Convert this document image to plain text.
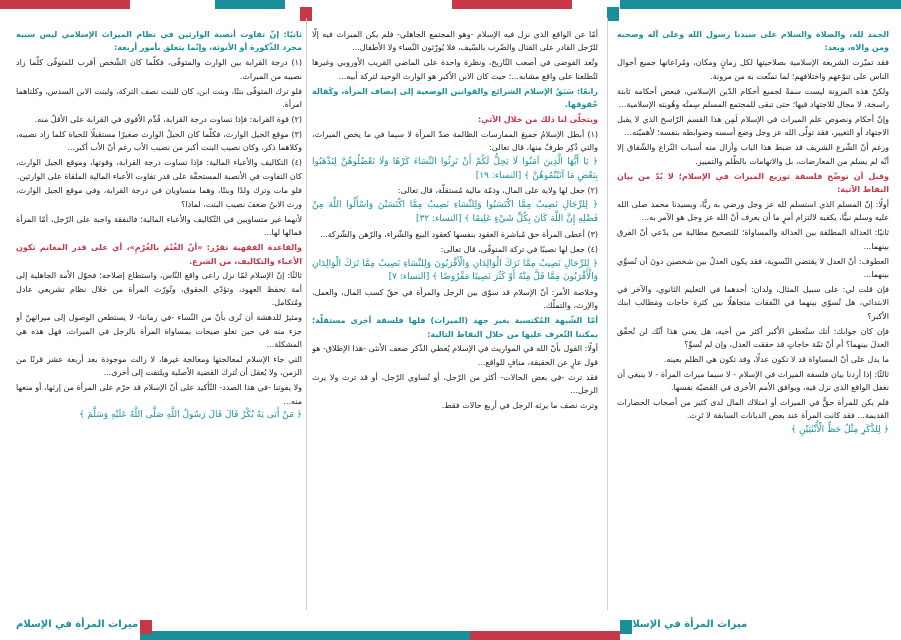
الحمد لله، والصلاة والسلام على سيدنا رسول الله وعلى آله وصحبه ومن والاه، وبعد:

فقد تميّزت الشريعة الإسلامية بصلاحيتها لكل زمانٍ ومكان، ومُراعاتها جميع أحوال الناس على تنوّعهم واختلافهم؛ لما تمتّعت به من مرونة.

ولكنّ هذه المرونة ليست سمةً لجميع أحكام الدّين الإسلامي، فبعض أحكامه ثابتة راسخة، لا مجال للاجتهاد فيها؛ حتى تبقى للمجتمع المسلم سِمتُه وهُويته الإسلامية...

وإنّ أحكام ونصوص علم الميراث في الإسلام لَمِن هذا القسم الرّاسخ الذي لا يقبل الاجتهاد أو التغيير، فقد تولّى الله عز وجل وضع أسسه وضوابطه بنفسه؛ لأهميّته...

ورغم أنّ الشّرع الشريف قد ضبط هذا الباب وأزال منه أسباب النّزاع والشّقاق إلا أنّه لم يسلم من المعارضات، بل والاتهامات بالظّلم والتمييز.

وقبل أن نوضّح فلسفة توزيع الميراث في الإسلام؛ لا بُدّ من بيان النقاط الآتية:

أولًا: إنّ المسلم الذي استسلم لله عز وجل ورضي به ربًّا، وبسيدنا محمد صلى الله عليه وسلم نبيًّا، يكفيه لالتزام أمرٍ ما أن يعرف أنّ الله عز وجل هو الآمر به...

ثانيًا: العدالة المطلقة بين العدالة والمساواة؛ للتصحيح مطالبة من يدّعي أنّ الفرق بينهما...

العطوف: أنّ العدل لا يقتضي التّسوية، فقد يكون العدلُ بين شخصين دونَ أن تُسوِّي بينهما...

فإن قلت لي: على سبيل المثال، ولدان: أحدهما في التعليم الثانوي، والآخر في الابتدائي، هل تُسوّي بينهما في النّفقات متجاهلًا بين كثرة حاجات ومَطالب ابنك الأكبر؟

فإن كان جوابك: أنك ستُعطي الأكبر أكثر من أخيه، هل يعني هذا أنّك لن تُحقّق العدلَ بينهما؟ أم أنّ ثمّة حاجاتٍ قد حققت العدل، وإن لم تُسوِّ؟

ما يدل على أنّ المساواة قد لا تكون عدلًا، وقد تكون هي الظلم بعينه.

ثالثًا: إذا أردنا بيان فلسفة الميراث في الإسلام - لا سيما ميراث المرأة - لا ينبغي أن نغفل الواقع الذي نزل فيه، ويوافق الأمم الأخرى في القضيّة نفسها.

فلم يكن للمرأة حقٌّ في الميراث أو امتلاك المال لدى كثير من أصحاب الحضارات القديمة... فقد كانت المرأة عند بعض الديانات السابقة لا تَرِث.

﴿ لِلذَّكَرِ مِثْلُ حَظِّ الْأُنْثَيَيْنِ ﴾

أمّا عن الواقع الذي نزل فيه الإسلام -وهو المجتمع الجاهلي- فلم يكن الميراث فيه إلّا للرّجل القادر على القتال والضّرب بالسّيف، فلا يُورّثون النّساء ولا الأطفال...

وتُعد الفوضى في أصعب التّاريخ، ونظرة واحدة على الماضي القريب الأوروبي وغيرها لتُطلعنا على واقع مشابه...؛ حيث كان الابن الأكبر هو الوارث الوحيد لتركة أبيه...

رابعًا: سَبَقُ الإسلام الشرائع والقوانين الوضعية إلى إنصاف المرأة، وكَفالة حُقوقها.

ويتجلّى لنا ذلك من خلال الآتي:

(١) أبطل الإسلامُ جميعَ الممارسات الظالمة ضدّ المرأة لا سيما في ما يخص الميراث، والتي ذُكِر طرفٌ منها، قال تعالى:

﴿ يَا أَيُّهَا الَّذِينَ آمَنُوا لَا يَحِلُّ لَكُمْ أَنْ تَرِثُوا النِّسَاءَ كَرْهًا وَلَا تَعْضُلُوهُنَّ لِتَذْهَبُوا بِبَعْضِ مَا آتَيْتُمُوهُنَّ ﴾ [النساء: ١٩]

(٢) جعل لها ولاية على المال، وذمّة مالية مُستقلّة، قال تعالى:

﴿ لِلرِّجَالِ نَصِيبٌ مِمَّا اكْتَسَبُوا وَلِلنِّسَاءِ نَصِيبٌ مِمَّا اكْتَسَبْنَ وَاسْأَلُوا اللَّهَ مِنْ فَضْلِهِ إِنَّ اللَّهَ كَانَ بِكُلِّ شَيْءٍ عَلِيمًا ﴾ [النساء: ٣٢]

(٣) أعطى المرأة حق مُباشرة العقود بنفسها كعقود البيع والشّراء، والرّهن والشّركة...

(٤) جعل لها نصيبًا في تركة المتوفّى، قال تعالى:

﴿ لِلرِّجَالِ نَصِيبٌ مِمَّا تَرَكَ الْوَالِدَانِ وَالْأَقْرَبُونَ وَلِلنِّسَاءِ نَصِيبٌ مِمَّا تَرَكَ الْوَالِدَانِ وَالْأَقْرَبُونَ مِمَّا قَلَّ مِنْهُ أَوْ كَثُرَ نَصِيبًا مَفْرُوضًا ﴾ [النساء: ٧]

وخلاصة الأمر: أنّ الإسلام قد سوّى بين الرجل والمرأة في حقّ كسب المال، والعمل، والإرث، والتملّك.

أمّا الشّبهة المُكتسبة بغير جهد (الميراث) فلها فلسفة أخرى مستقلّة؛ يمكننا التّعرف عليها من خلال النقاط التالية:

أولًا: القول بأنّ الله في المواريث في الإسلام يُعطي الذّكر ضعف الأنثى -هذا الإطلاق- هو قول عارٍ عن الحقيقة، منافٍ للواقع...

فقد ترث -في بعض الحالات- أكثر من الرّجل، أو تُساوي الرّجل، أو قد ترث ولا يرث الرجل...

وترث نصف ما يرثه الرجل في أربع حالات فقط.

ثانيًا: إنّ تفاوت أنصبة الوارثين في نظام الميراث الإسلامي ليس سببه مجرد الذّكورة أو الأنوثة، وإنّما يتعلق بأمور أربعة:

(١) درجة القرابة بين الوارث والمتوفّى، فكلّما كان الشّخص أقرب للمتوفّى كلّما زاد نصيبه من الميراث.

فلو ترك المتوفّى بنتًا، وبنت ابن، كان للبنت نصف التركة، ولبنت الابن السدس، وكلتاهما امرأة.

(٢) قوة القرابة: فإذا تساوت درجة القرابة، قُدِّم الأقوى في القرابة على الأقلّ منه.

(٣) موقع الجيل الوارث، فكلّما كان الجيلُ الوارث صغيرًا مستقبلًا للحياة كلما زاد نصيبه، وكلاهما ذكر، وكان نصيب البنت أكبر من نصيب الأب رغم أنّ الأب أكبر...

(٤) التكاليف والأعباء المالية: فإذا تساوت درجة القرابة، وقوتها، وموقع الجيل الوارث، كان التفاوت في الأنصبة المستحقّة على قدر تفاوت الأعباء المالية الملقاة على الوارثين.

فلو مات وترك ولدًا وبنتًا، وهما متساويان في درجة القرابة، وفي موقع الجيل الوارث، ورث الابنُ ضعفَ نصيب البنت، لماذا؟

لأنهما غير متساويين في التّكاليف والأعباء المالية؛ فالنفقة واجبة على الرّجل، أمّا المرأة فمالها لها...

والقاعدة الفقهية تقرّر: «أنّ الغُنْمَ بالغُرْمِ»، أي على قدر المغانم تكون الأعباء والتكاليف، من الشرع.

ثالثًا: إنّ الإسلام لمّا نزل راعى واقع النّاس، واستطاع إصلاحه؛ فحوّل الأمة الجاهلية إلى أمة تحفظ العهود، وتؤدّي الحقوق، وتُورّث المرأة من خلال نظام تشريعي عادل ومُتكامل.

ومثيرٌ للدهشة أن تُرى بأنّ من النّساء -في زماننا- لا يستطعن الوصول إلى ميراثهنّ أو جزء منه في حين تعلو صيحات بمساواة المرأة بالرجل في الميراث، فهل هذه هي المشكلة...

التي جاء الإسلام لمعالجتها ومعالجة غيرها، لا زالت موجودة بعد أربعة عشر قرنًا من الزمن، ولا يُعقل أن تُترك القضية الأصلية ويلتفت إلى أخرى...

ولا يفوتنا -في هذا الصدد- التّأكيد على أنّ الإسلام قد حرّم على المرأة من إرثها، أو منعها منه...

﴿ مَنْ أَبَى يَهُ بُكْرٌ قَالَ قَالَ رَسُولُ اللَّهِ صَلَّى اللَّهُ عَلَيْهِ وَسَلَّمَ ﴾

ميراث المرأة في الإسلام
ميراث المرأة في الإسلام
